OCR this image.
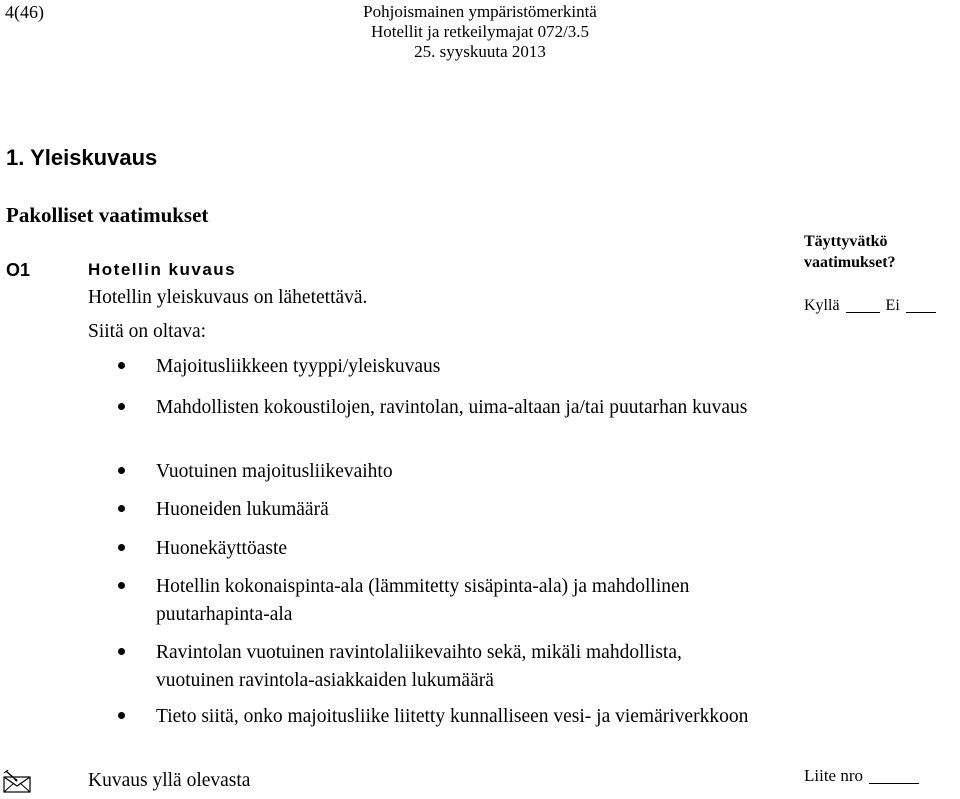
4(46)	Pohjoismainen ympäristömerkintä
Hotellit ja retkeilymajat 072/3.5
25. syyskuuta 2013
1. Yleiskuvaus
Pakolliset vaatimukset
O1	Hotellin kuvaus
Hotellin yleiskuvaus on lähetettävä.
Siitä on oltava:
Majoitusliikkeen tyyppi/yleiskuvaus
Mahdollisten kokoustilojen, ravintolan, uima-altaan ja/tai puutarhan kuvaus
Vuotuinen majoitusliikevaihto
Huoneiden lukumäärä
Huonekäyttöaste
Hotellin kokonaispinta-ala (lämmitetty sisäpinta-ala) ja mahdollinen puutarhapinta-ala
Ravintolan vuotuinen ravintolaliikevaihto sekä, mikäli mahdollista, vuotuinen ravintola-asiakkaiden lukumäärä
Tieto siitä, onko majoitusliike liitetty kunnalliseen vesi- ja viemäriverkkoon
Täyttyvätkö
vaatimukset?
Kyllä	Ei
Kuvaus yllä olevasta	Liite nro
